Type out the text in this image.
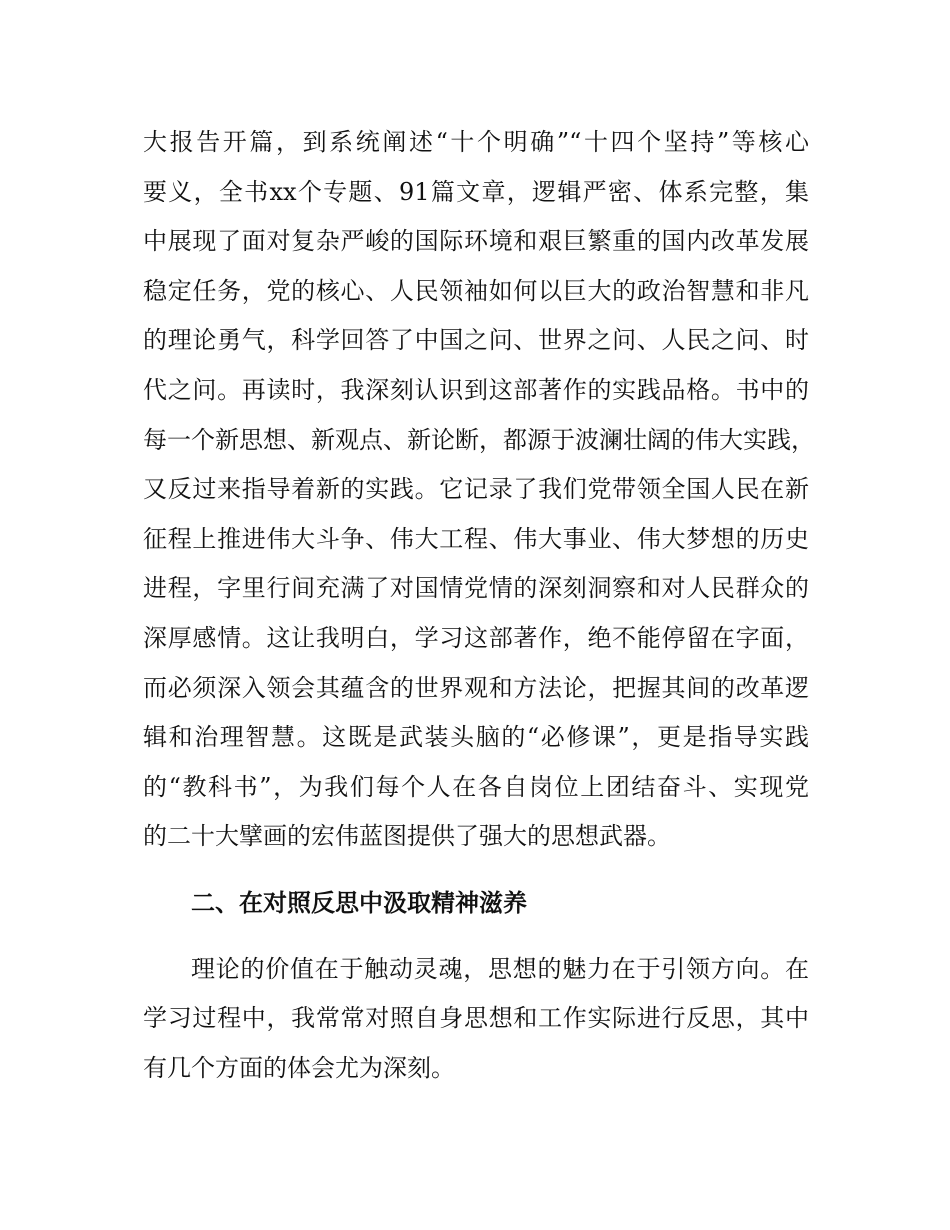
大报告开篇，到系统阐述“十个明确”“十四个坚持”等核心
要义，全书xx个专题、91篇文章，逻辑严密、体系完整，集
中展现了面对复杂严峻的国际环境和艰巨繁重的国内改革发展
稳定任务，党的核心、人民领袖如何以巨大的政治智慧和非凡
的理论勇气，科学回答了中国之问、世界之问、人民之问、时
代之问。再读时，我深刻认识到这部著作的实践品格。书中的
每一个新思想、新观点、新论断，都源于波澜壮阔的伟大实践，
又反过来指导着新的实践。它记录了我们党带领全国人民在新
征程上推进伟大斗争、伟大工程、伟大事业、伟大梦想的历史
进程，字里行间充满了对国情党情的深刻洞察和对人民群众的
深厚感情。这让我明白，学习这部著作，绝不能停留在字面，
而必须深入领会其蕴含的世界观和方法论，把握其间的改革逻
辑和治理智慧。这既是武装头脑的“必修课”，更是指导实践
的“教科书”，为我们每个人在各自岗位上团结奋斗、实现党
的二十大擘画的宏伟蓝图提供了强大的思想武器。
二、在对照反思中汲取精神滋养
理论的价值在于触动灵魂，思想的魅力在于引领方向。在
学习过程中，我常常对照自身思想和工作实际进行反思，其中
有几个方面的体会尤为深刻。
